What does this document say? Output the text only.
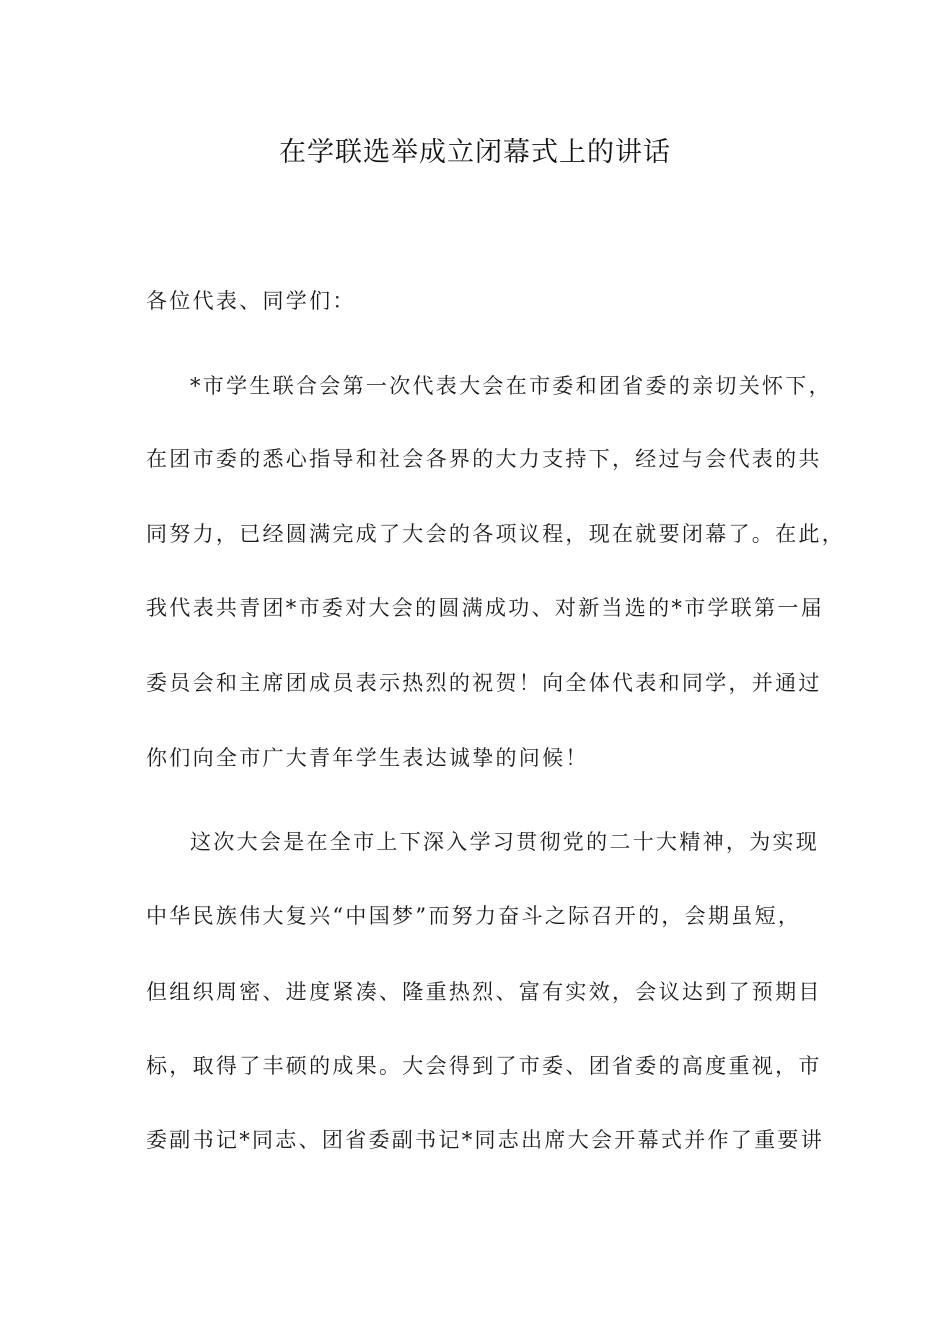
在学联选举成立闭幕式上的讲话
各位代表、同学们：
*市学生联合会第一次代表大会在市委和团省委的亲切关怀下，
在团市委的悉心指导和社会各界的大力支持下，经过与会代表的共
同努力，已经圆满完成了大会的各项议程，现在就要闭幕了。在此，
我代表共青团*市委对大会的圆满成功、对新当选的*市学联第一届
委员会和主席团成员表示热烈的祝贺！向全体代表和同学，并通过
你们向全市广大青年学生表达诚挚的问候！
这次大会是在全市上下深入学习贯彻党的二十大精神，为实现
中华民族伟大复兴“中国梦”而努力奋斗之际召开的，会期虽短，
但组织周密、进度紧凑、隆重热烈、富有实效，会议达到了预期目
标，取得了丰硕的成果。大会得到了市委、团省委的高度重视，市
委副书记*同志、团省委副书记*同志出席大会开幕式并作了重要讲
